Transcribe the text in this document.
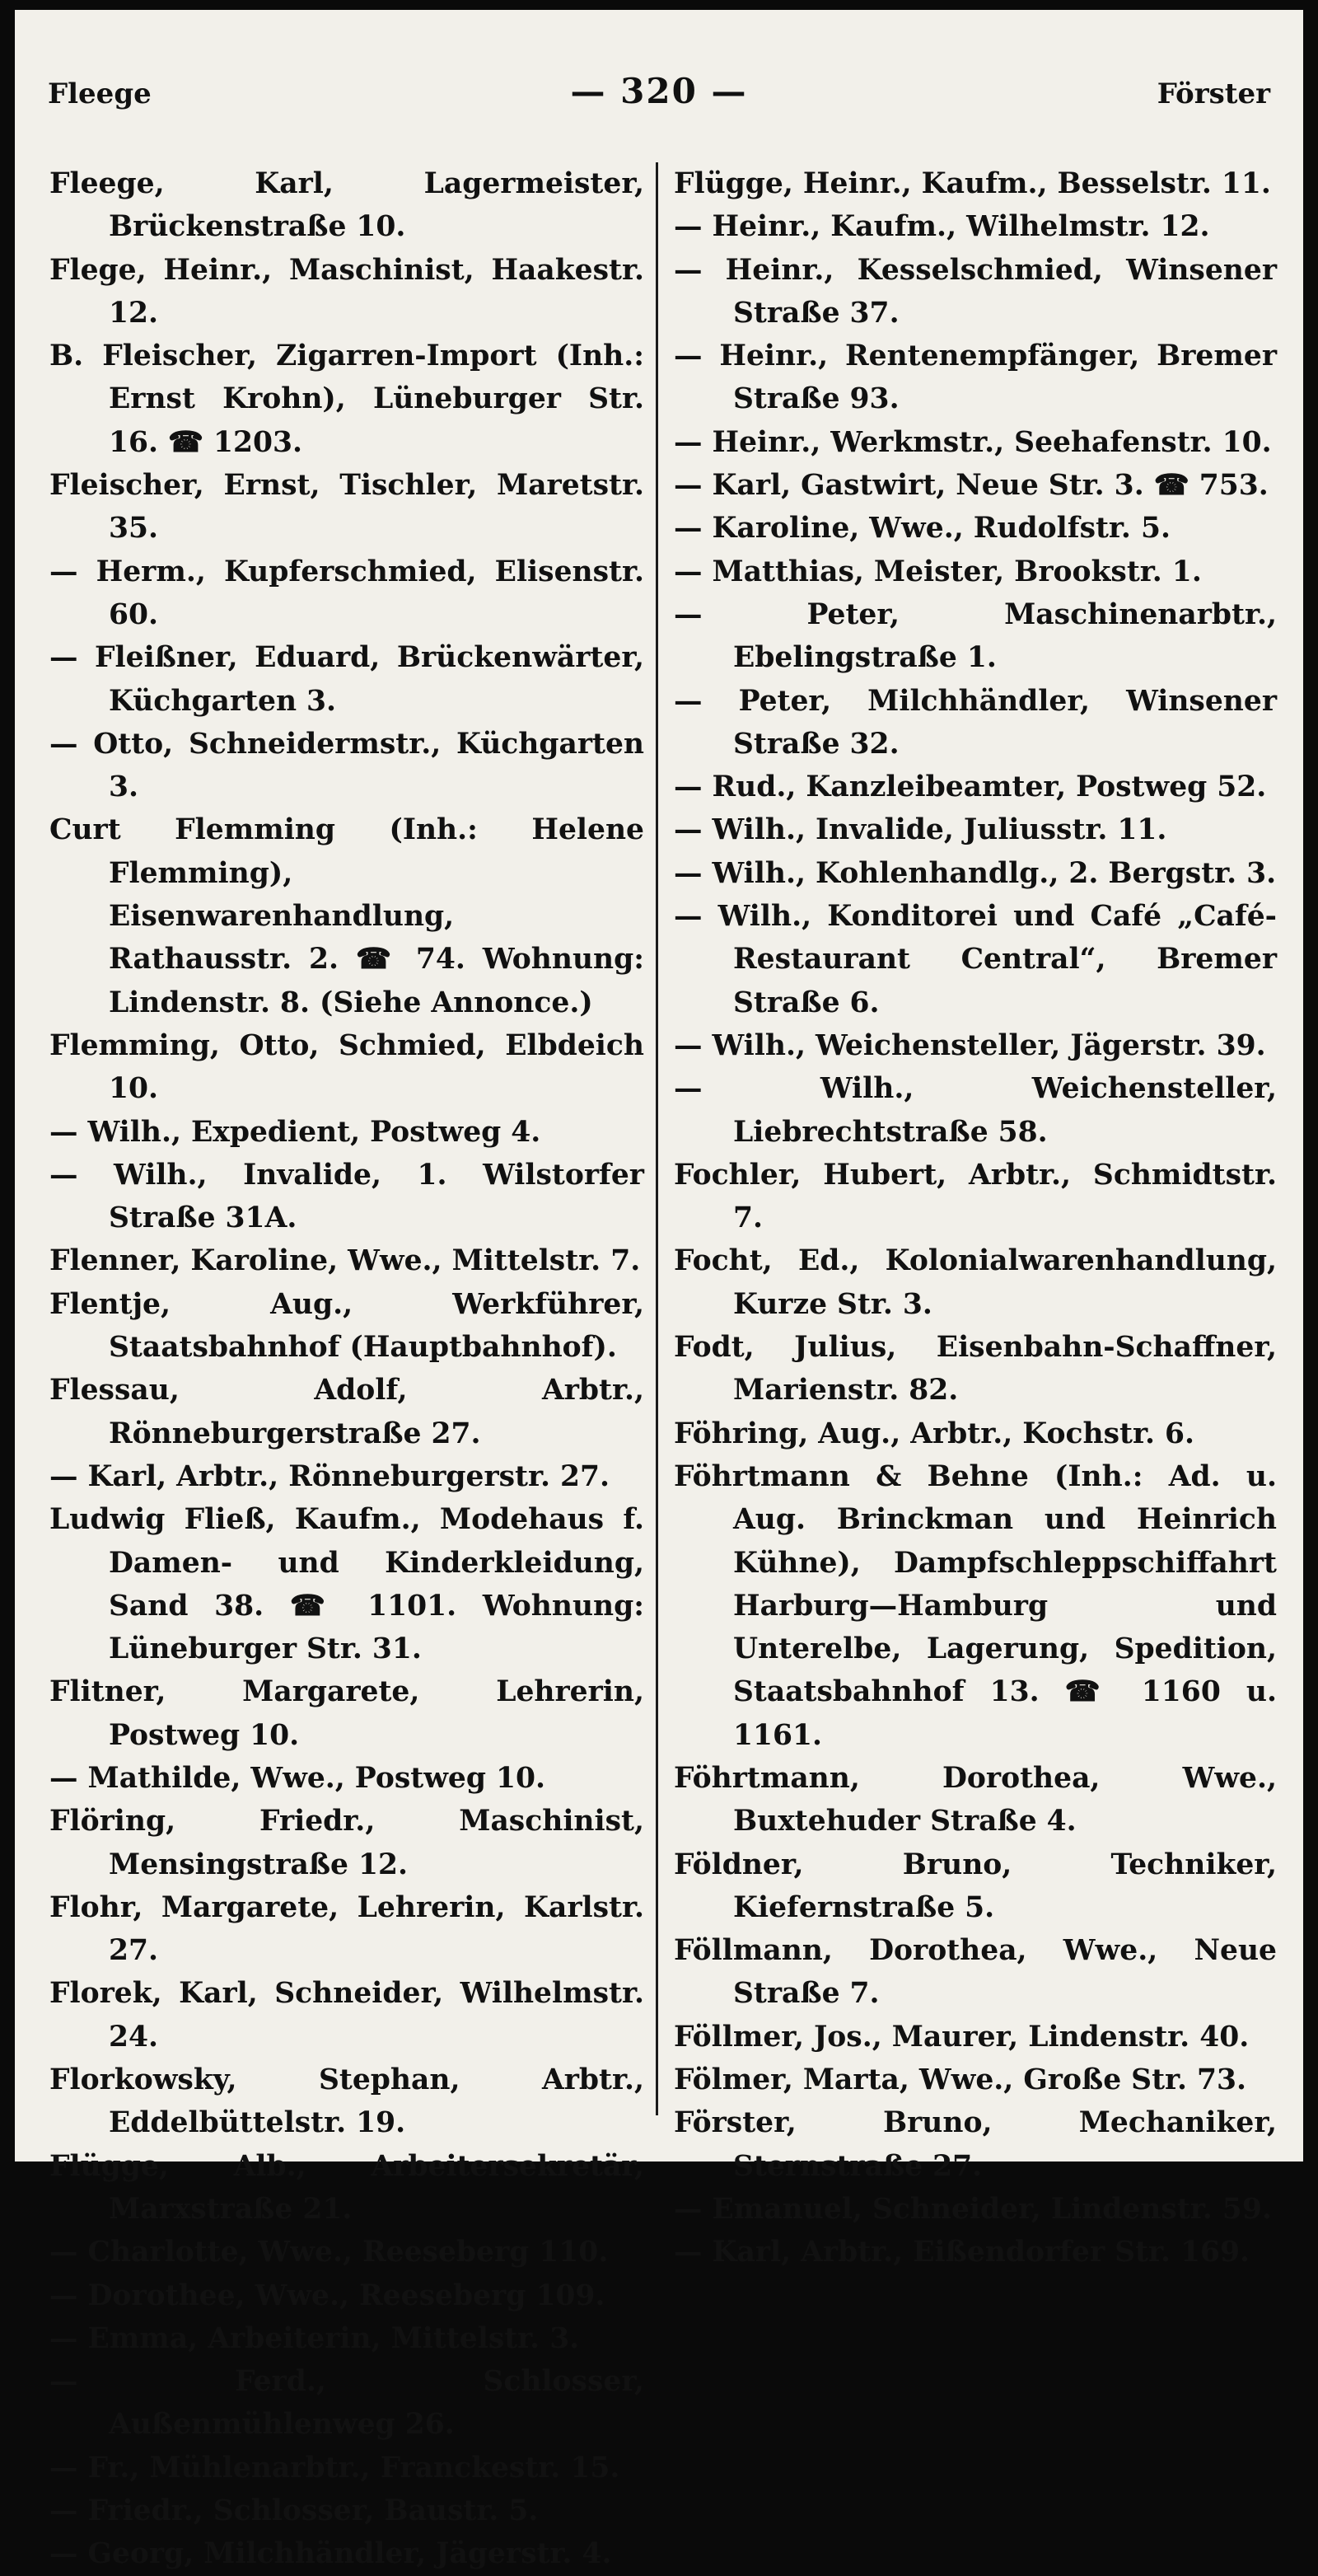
Fleege	— 320 —	Förster

Fleege, Karl, Lagermeister, Brückenstraße 10.

Flege, Heinr., Maschinist, Haakestr. 12.

B. Fleischer, Zigarren-Import (Inh.: Ernst Krohn), Lüneburger Str. 16. ☎ 1203.

Fleischer, Ernst, Tischler, Maretstr. 35.

— Herm., Kupferschmied, Elisenstr. 60.

— Fleißner, Eduard, Brückenwärter, Küchgarten 3.

— Otto, Schneidermstr., Küchgarten 3.

Curt Flemming (Inh.: Helene Flemming), Eisenwarenhandlung, Rathausstr. 2. ☎ 74. Wohnung: Lindenstr. 8. (Siehe Annonce.)

Flemming, Otto, Schmied, Elbdeich 10.

— Wilh., Expedient, Postweg 4.

— Wilh., Invalide, 1. Wilstorfer Straße 31A.

Flenner, Karoline, Wwe., Mittelstr. 7.

Flentje, Aug., Werkführer, Staatsbahnhof (Hauptbahnhof).

Flessau, Adolf, Arbtr., Rönneburgerstraße 27.

— Karl, Arbtr., Rönneburgerstr. 27.

Ludwig Fließ, Kaufm., Modehaus f. Damen- und Kinderkleidung, Sand 38. ☎ 1101. Wohnung: Lüneburger Str. 31.

Flitner, Margarete, Lehrerin, Postweg 10.

— Mathilde, Wwe., Postweg 10.

Flöring, Friedr., Maschinist, Mensingstraße 12.

Flohr, Margarete, Lehrerin, Karlstr. 27.

Florek, Karl, Schneider, Wilhelmstr. 24.

Florkowsky, Stephan, Arbtr., Eddelbüttelstr. 19.

Flügge, Alb., Arbeitersekretär, Marxstraße 21.

— Charlotte, Wwe., Reeseberg 110.

— Dorothee, Wwe., Reeseberg 109.

— Emma, Arbeiterin, Mittelstr. 3.

— Ferd., Schlosser, Außenmühlenweg 26.

— Fr., Mühlenarbtr., Franckestr. 15.

— Friedr., Schlosser, Baustr. 5.

— Georg, Milchhändler, Jägerstr. 4.

Flügge, Heinr., Kaufm., Besselstr. 11.

— Heinr., Kaufm., Wilhelmstr. 12.

— Heinr., Kesselschmied, Winsener Straße 37.

— Heinr., Rentenempfänger, Bremer Straße 93.

— Heinr., Werkmstr., Seehafenstr. 10.

— Karl, Gastwirt, Neue Str. 3. ☎ 753.

— Karoline, Wwe., Rudolfstr. 5.

— Matthias, Meister, Brookstr. 1.

— Peter, Maschinenarbtr., Ebelingstraße 1.

— Peter, Milchhändler, Winsener Straße 32.

— Rud., Kanzleibeamter, Postweg 52.

— Wilh., Invalide, Juliusstr. 11.

— Wilh., Kohlenhandlg., 2. Bergstr. 3.

— Wilh., Konditorei und Café „Café-Restaurant Central“, Bremer Straße 6.

— Wilh., Weichensteller, Jägerstr. 39.

— Wilh., Weichensteller, Liebrechtstraße 58.

Fochler, Hubert, Arbtr., Schmidtstr. 7.

Focht, Ed., Kolonialwarenhandlung, Kurze Str. 3.

Fodt, Julius, Eisenbahn-Schaffner, Marienstr. 82.

Föhring, Aug., Arbtr., Kochstr. 6.

Föhrtmann & Behne (Inh.: Ad. u. Aug. Brinckman und Heinrich Kühne), Dampfschleppschiffahrt Harburg—Hamburg und Unterelbe, Lagerung, Spedition, Staatsbahnhof 13. ☎ 1160 u. 1161.

Föhrtmann, Dorothea, Wwe., Buxtehuder Straße 4.

Földner, Bruno, Techniker, Kiefernstraße 5.

Föllmann, Dorothea, Wwe., Neue Straße 7.

Föllmer, Jos., Maurer, Lindenstr. 40.

Fölmer, Marta, Wwe., Große Str. 73.

Förster, Bruno, Mechaniker, Sternstraße 27.

— Emanuel, Schneider, Lindenstr. 59.

— Karl, Arbtr., Eißendorfer Str. 169.
